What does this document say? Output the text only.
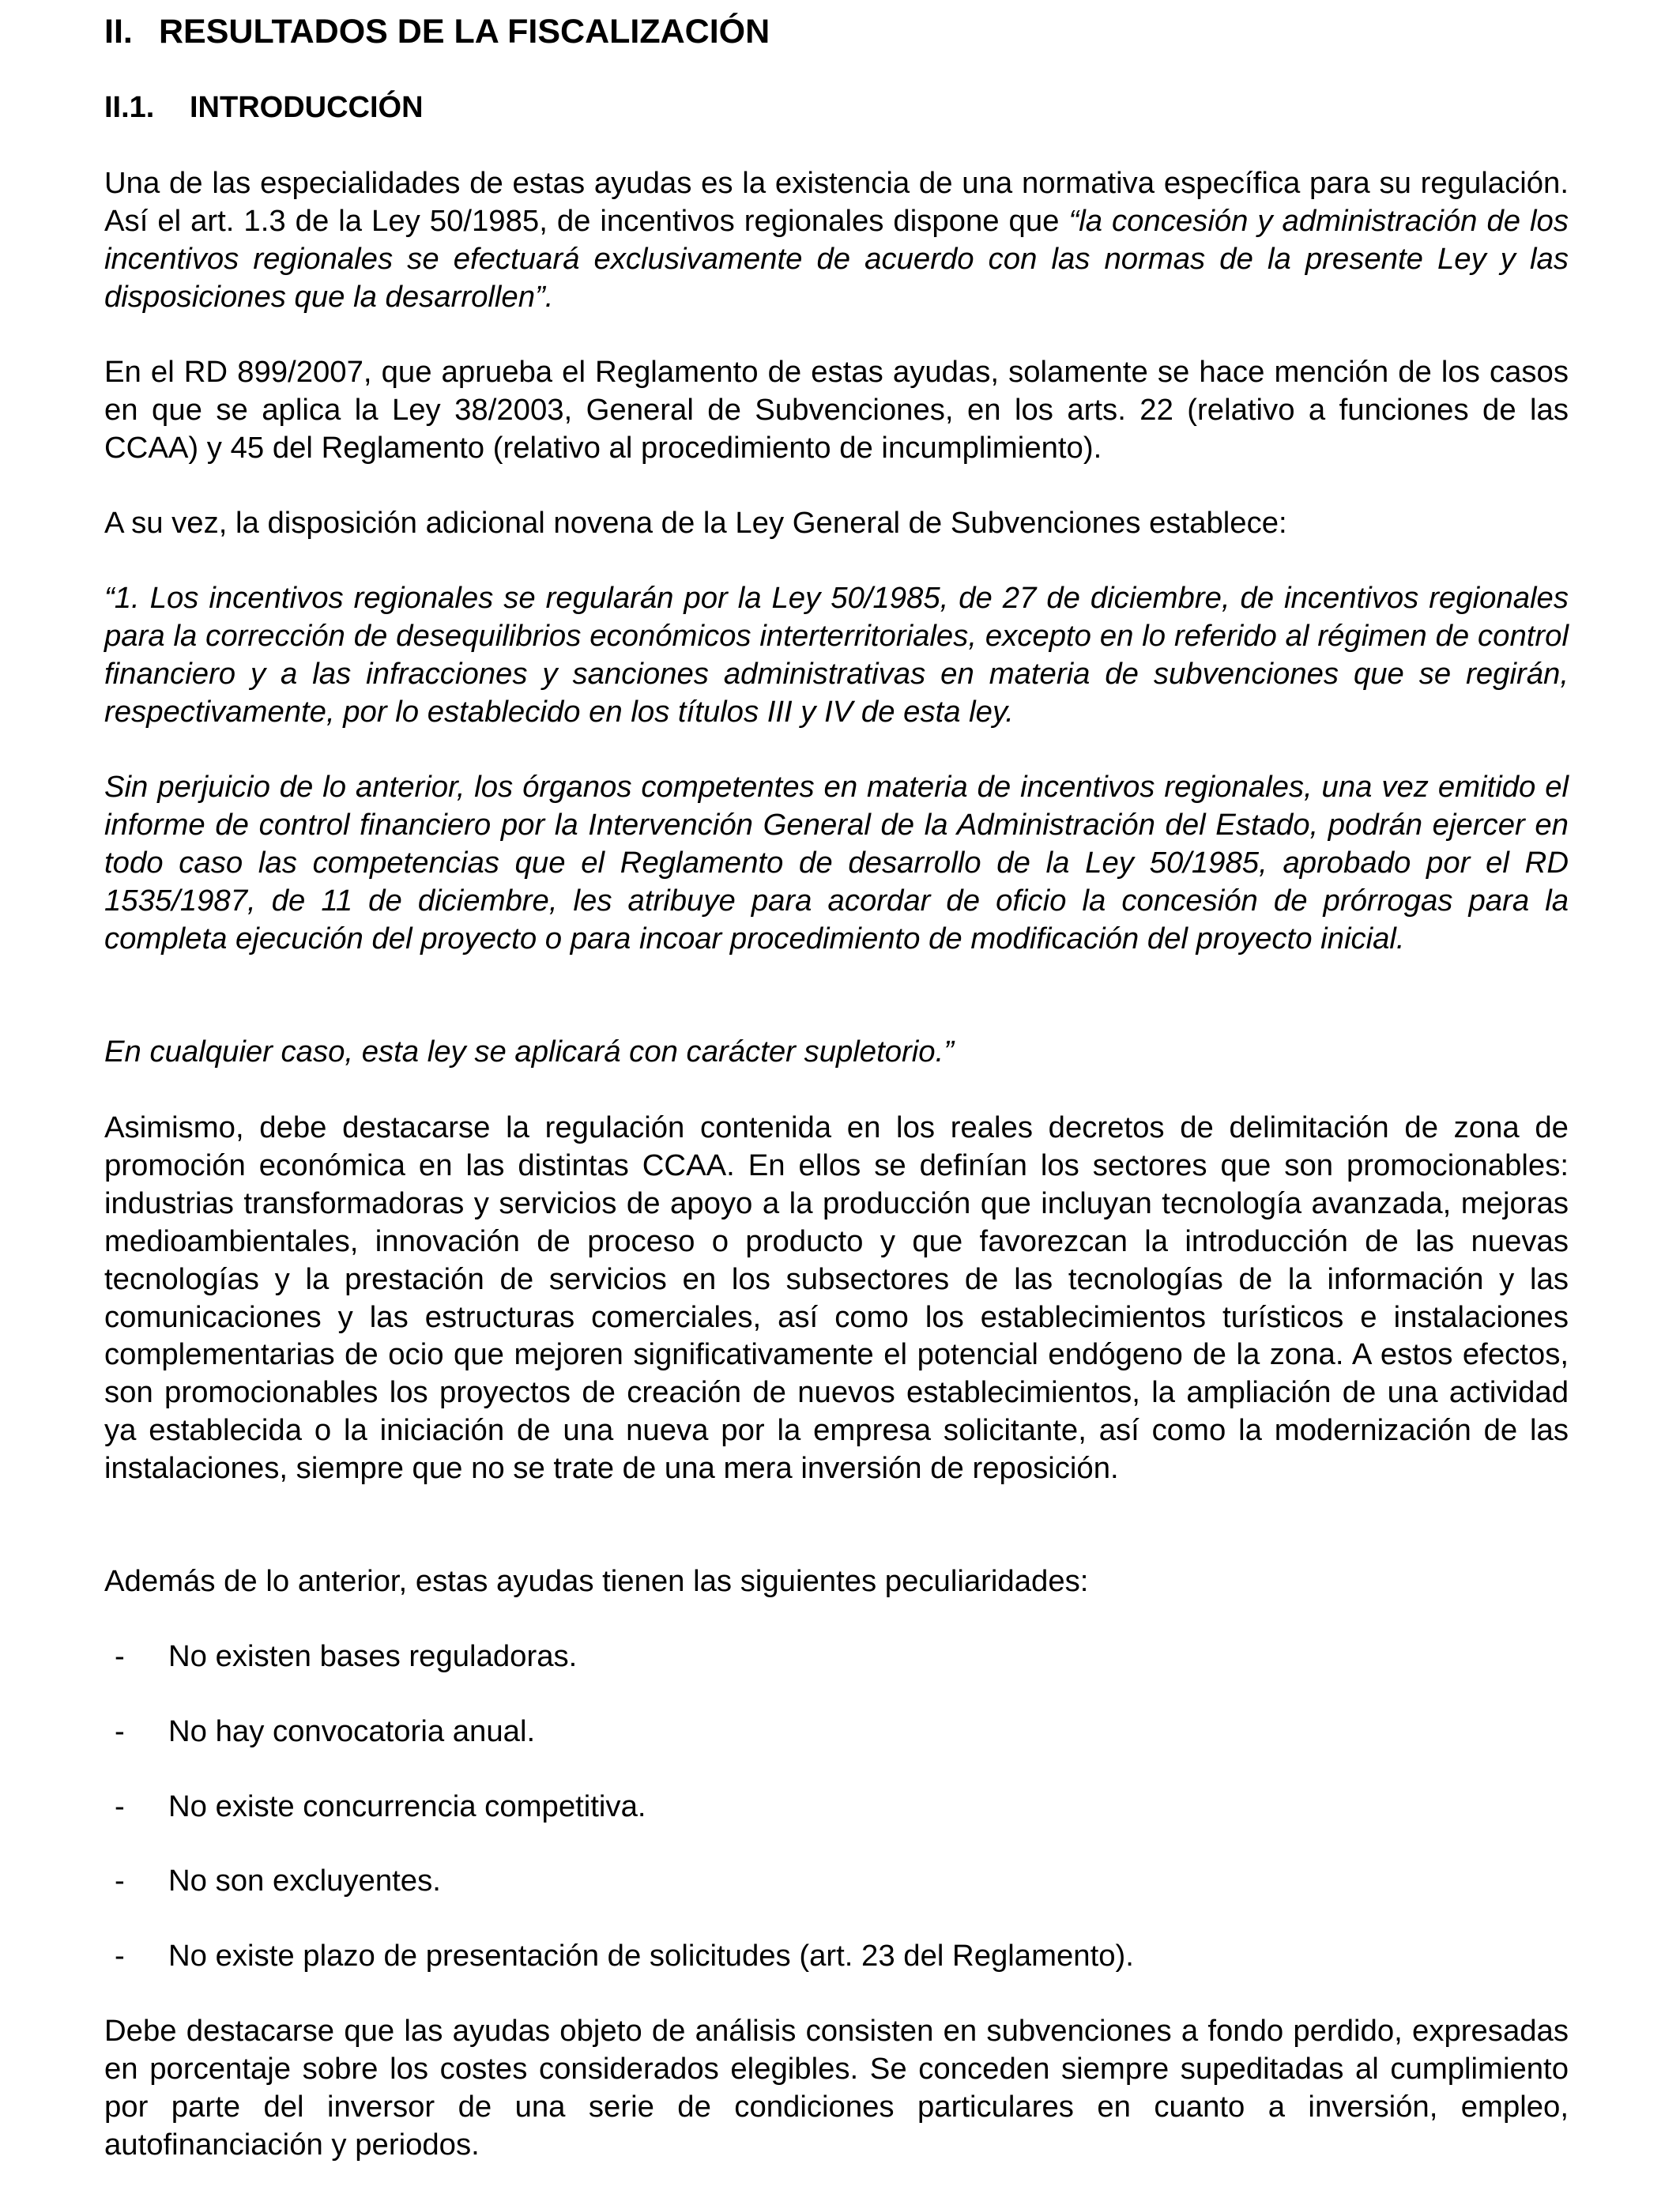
II. RESULTADOS DE LA FISCALIZACIÓN
II.1. INTRODUCCIÓN

Una de las especialidades de estas ayudas es la existencia de una normativa específica para su regulación. Así el art. 1.3 de la Ley 50/1985, de incentivos regionales dispone que “la concesión y administración de los incentivos regionales se efectuará exclusivamente de acuerdo con las normas de la presente Ley y las disposiciones que la desarrollen”.

En el RD 899/2007, que aprueba el Reglamento de estas ayudas, solamente se hace mención de los casos en que se aplica la Ley 38/2003, General de Subvenciones, en los arts. 22 (relativo a funciones de las CCAA) y 45 del Reglamento (relativo al procedimiento de incumplimiento).

A su vez, la disposición adicional novena de la Ley General de Subvenciones establece:

“1. Los incentivos regionales se regularán por la Ley 50/1985, de 27 de diciembre, de incentivos regionales para la corrección de desequilibrios económicos interterritoriales, excepto en lo referido al régimen de control financiero y a las infracciones y sanciones administrativas en materia de subvenciones que se regirán, respectivamente, por lo establecido en los títulos III y IV de esta ley.

Sin perjuicio de lo anterior, los órganos competentes en materia de incentivos regionales, una vez emitido el informe de control financiero por la Intervención General de la Administración del Estado, podrán ejercer en todo caso las competencias que el Reglamento de desarrollo de la Ley 50/1985, aprobado por el RD 1535/1987, de 11 de diciembre, les atribuye para acordar de oficio la concesión de prórrogas para la completa ejecución del proyecto o para incoar procedimiento de modificación del proyecto inicial.

En cualquier caso, esta ley se aplicará con carácter supletorio.”

Asimismo, debe destacarse la regulación contenida en los reales decretos de delimitación de zona de promoción económica en las distintas CCAA. En ellos se definían los sectores que son promocionables: industrias transformadoras y servicios de apoyo a la producción que incluyan tecnología avanzada, mejoras medioambientales, innovación de proceso o producto y que favorezcan la introducción de las nuevas tecnologías y la prestación de servicios en los subsectores de las tecnologías de la información y las comunicaciones y las estructuras comerciales, así como los establecimientos turísticos e instalaciones complementarias de ocio que mejoren significativamente el potencial endógeno de la zona. A estos efectos, son promocionables los proyectos de creación de nuevos establecimientos, la ampliación de una actividad ya establecida o la iniciación de una nueva por la empresa solicitante, así como la modernización de las instalaciones, siempre que no se trate de una mera inversión de reposición.

Además de lo anterior, estas ayudas tienen las siguientes peculiaridades:

- No existen bases reguladoras.
- No hay convocatoria anual.
- No existe concurrencia competitiva.
- No son excluyentes.
- No existe plazo de presentación de solicitudes (art. 23 del Reglamento).

Debe destacarse que las ayudas objeto de análisis consisten en subvenciones a fondo perdido, expresadas en porcentaje sobre los costes considerados elegibles. Se conceden siempre supeditadas al cumplimiento por parte del inversor de una serie de condiciones particulares en cuanto a inversión, empleo, autofinanciación y periodos.
